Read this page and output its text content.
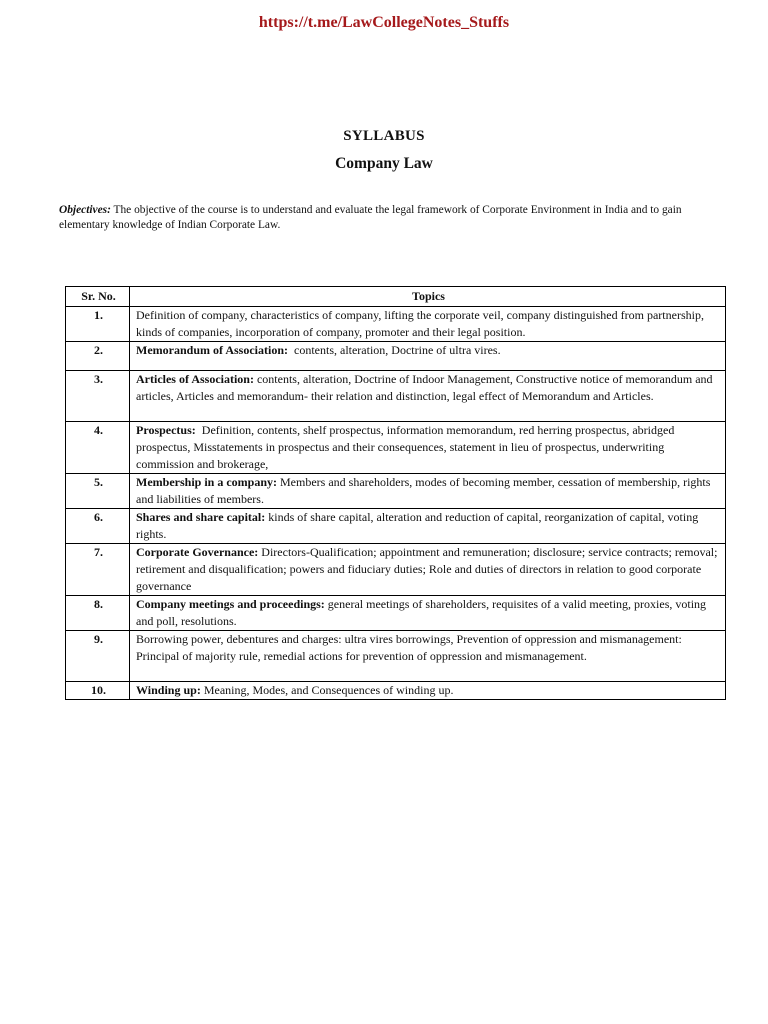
https://t.me/LawCollegeNotes_Stuffs
SYLLABUS
Company Law
Objectives: The objective of the course is to understand and evaluate the legal framework of Corporate Environment in India and to gain elementary knowledge of Indian Corporate Law.
Sr. No.	Topics
1.	Definition of company, characteristics of company, lifting the corporate veil, company distinguished from partnership, kinds of companies, incorporation of company, promoter and their legal position.
2.	Memorandum of Association:  contents, alteration, Doctrine of ultra vires.
3.	Articles of Association: contents, alteration, Doctrine of Indoor Management, Constructive notice of memorandum and articles, Articles and memorandum- their relation and distinction, legal effect of Memorandum and Articles.
4.	Prospectus:  Definition, contents, shelf prospectus, information memorandum, red herring prospectus, abridged prospectus, Misstatements in prospectus and their consequences, statement in lieu of prospectus, underwriting commission and brokerage,
5.	Membership in a company: Members and shareholders, modes of becoming member, cessation of membership, rights and liabilities of members.
6.	Shares and share capital: kinds of share capital, alteration and reduction of capital, reorganization of capital, voting rights.
7.	Corporate Governance: Directors-Qualification; appointment and remuneration; disclosure; service contracts; removal; retirement and disqualification; powers and fiduciary duties; Role and duties of directors in relation to good corporate governance
8.	Company meetings and proceedings: general meetings of shareholders, requisites of a valid meeting, proxies, voting and poll, resolutions.
9.	Borrowing power, debentures and charges: ultra vires borrowings, Prevention of oppression and mismanagement: Principal of majority rule, remedial actions for prevention of oppression and mismanagement.
10.	Winding up: Meaning, Modes, and Consequences of winding up.
